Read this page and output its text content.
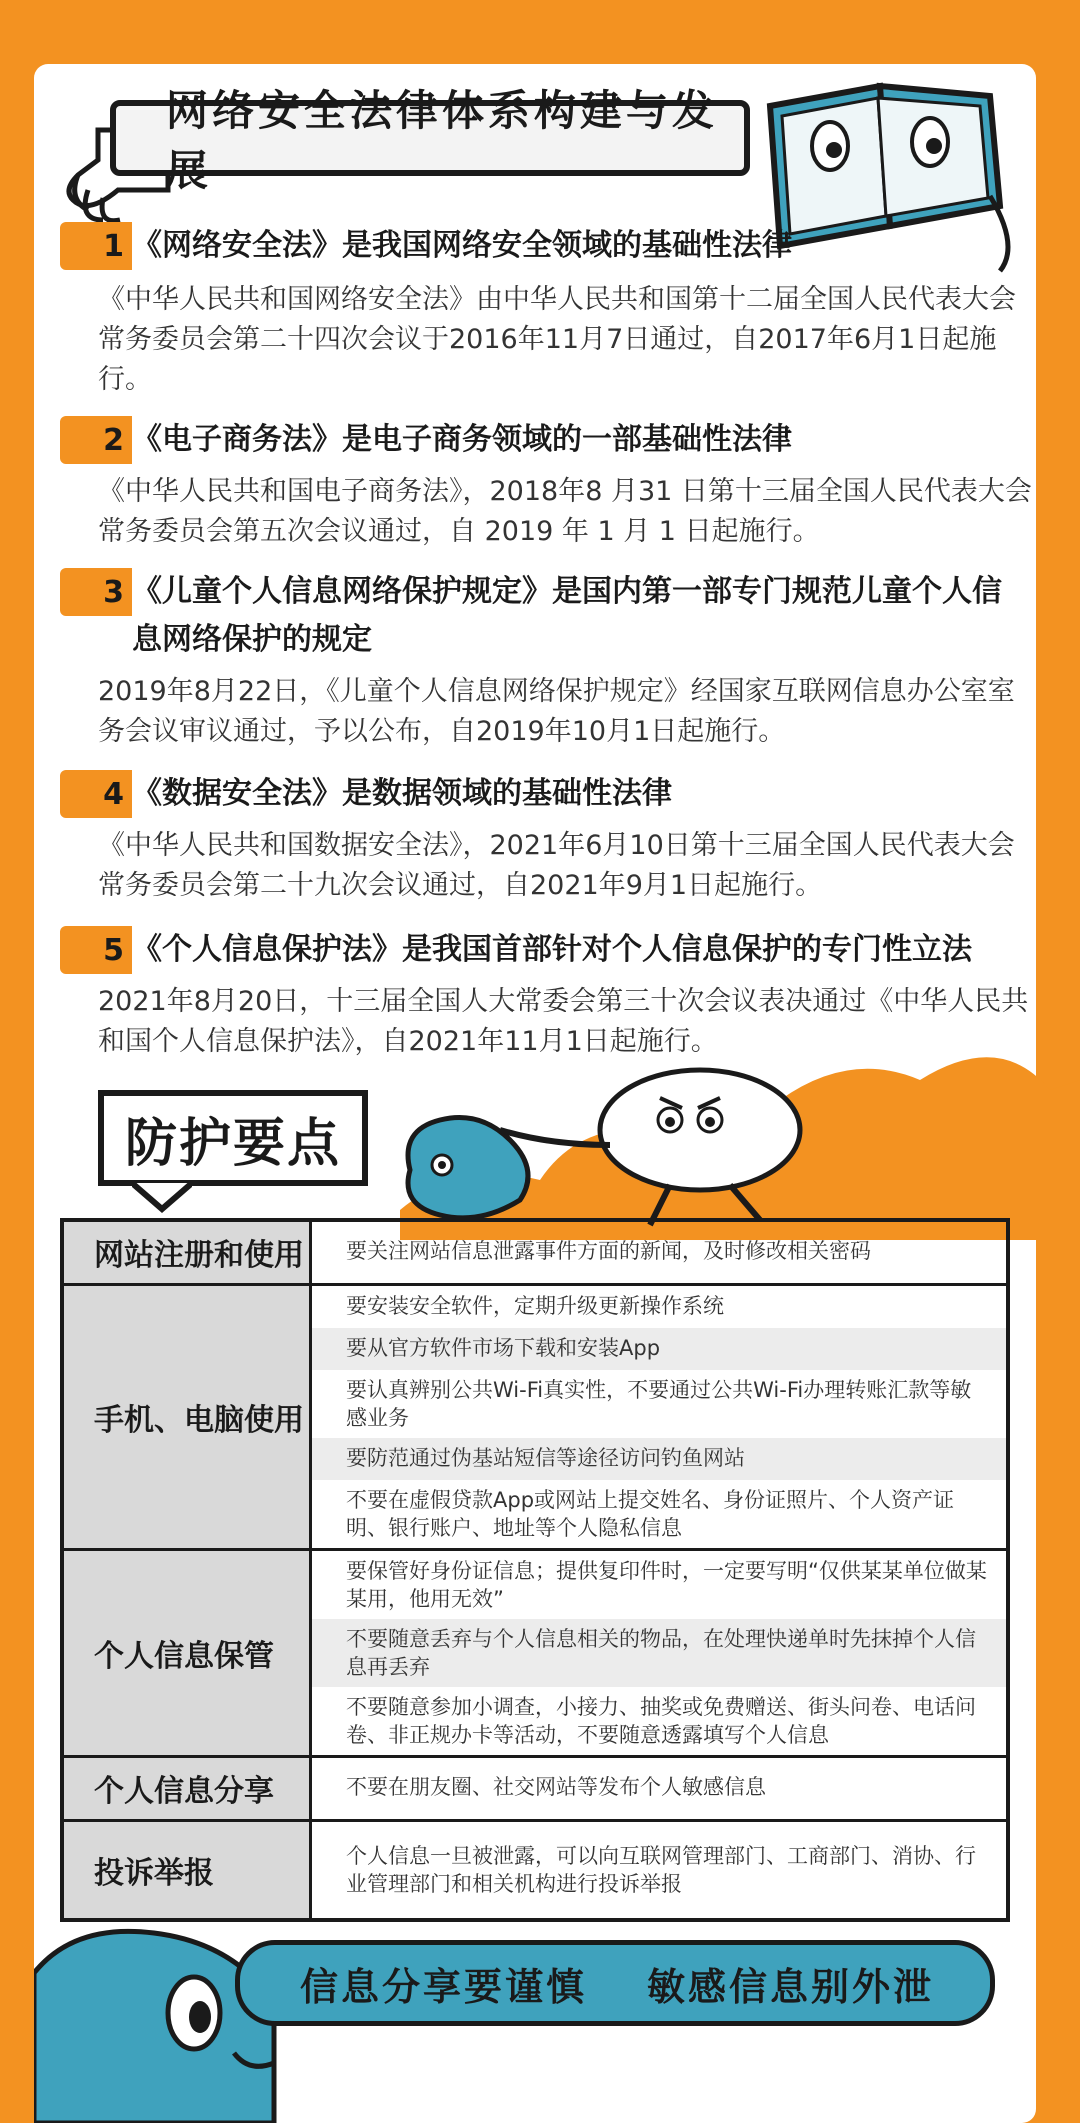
网络安全法律体系构建与发展
1 《网络安全法》是我国网络安全领域的基础性法律
《中华人民共和国网络安全法》由中华人民共和国第十二届全国人民代表大会常务委员会第二十四次会议于2016年11月7日通过，自2017年6月1日起施行。
2 《电子商务法》是电子商务领域的一部基础性法律
《中华人民共和国电子商务法》，2018年8 月31 日第十三届全国人民代表大会常务委员会第五次会议通过，自 2019 年 1 月 1 日起施行。
3 《儿童个人信息网络保护规定》是国内第一部专门规范儿童个人信息网络保护的规定
2019年8月22日，《儿童个人信息网络保护规定》经国家互联网信息办公室室务会议审议通过，予以公布，自2019年10月1日起施行。
4 《数据安全法》是数据领域的基础性法律
《中华人民共和国数据安全法》，2021年6月10日第十三届全国人民代表大会常务委员会第二十九次会议通过，自2021年9月1日起施行。
5 《个人信息保护法》是我国首部针对个人信息保护的专门性立法
2021年8月20日，十三届全国人大常委会第三十次会议表决通过《中华人民共和国个人信息保护法》，自2021年11月1日起施行。
防护要点
网站注册和使用	要关注网站信息泄露事件方面的新闻，及时修改相关密码

手机、电脑使用	要安装安全软件，定期升级更新操作系统
要从官方软件市场下载和安装App
要认真辨别公共Wi-Fi真实性，不要通过公共Wi-Fi办理转账汇款等敏感业务
要防范通过伪基站短信等途径访问钓鱼网站
不要在虚假贷款App或网站上提交姓名、身份证照片、个人资产证明、银行账户、地址等个人隐私信息

个人信息保管	要保管好身份证信息；提供复印件时，一定要写明“仅供某某单位做某某用，他用无效”
不要随意丢弃与个人信息相关的物品，在处理快递单时先抹掉个人信息再丢弃
不要随意参加小调查，小接力、抽奖或免费赠送、街头问卷、电话问卷、非正规办卡等活动，不要随意透露填写个人信息

个人信息分享	不要在朋友圈、社交网站等发布个人敏感信息

投诉举报	个人信息一旦被泄露，可以向互联网管理部门、工商部门、消协、行业管理部门和相关机构进行投诉举报
信息分享要谨慎 敏感信息别外泄
